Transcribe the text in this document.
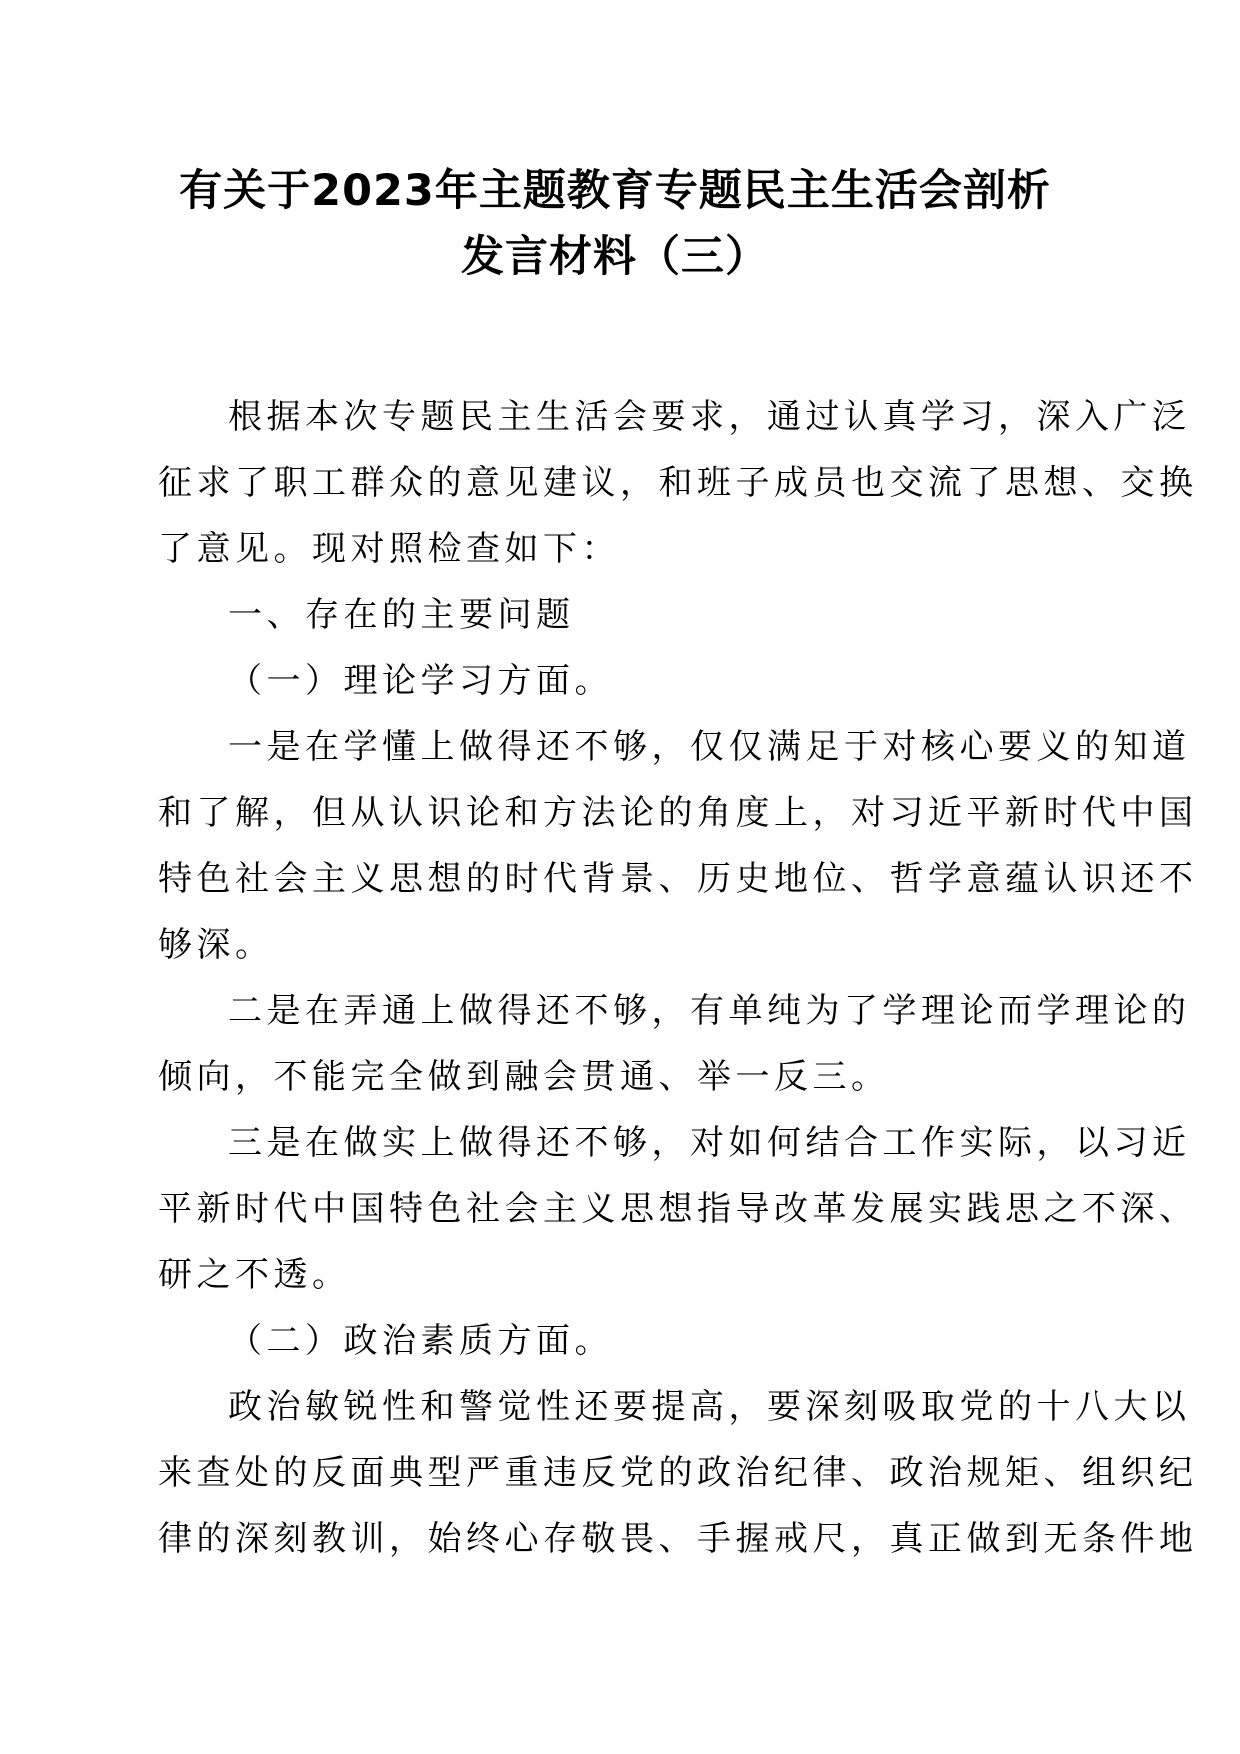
有关于2023年主题教育专题民主生活会剖析
发言材料（三）
根据本次专题民主生活会要求，通过认真学习，深入广泛
征求了职工群众的意见建议，和班子成员也交流了思想、交换
了意见。现对照检查如下：
一、存在的主要问题
（一）理论学习方面。
一是在学懂上做得还不够，仅仅满足于对核心要义的知道
和了解，但从认识论和方法论的角度上，对习近平新时代中国
特色社会主义思想的时代背景、历史地位、哲学意蕴认识还不
够深。
二是在弄通上做得还不够，有单纯为了学理论而学理论的
倾向，不能完全做到融会贯通、举一反三。
三是在做实上做得还不够，对如何结合工作实际，以习近
平新时代中国特色社会主义思想指导改革发展实践思之不深、
研之不透。
（二）政治素质方面。
政治敏锐性和警觉性还要提高，要深刻吸取党的十八大以
来查处的反面典型严重违反党的政治纪律、政治规矩、组织纪
律的深刻教训，始终心存敬畏、手握戒尺，真正做到无条件地
